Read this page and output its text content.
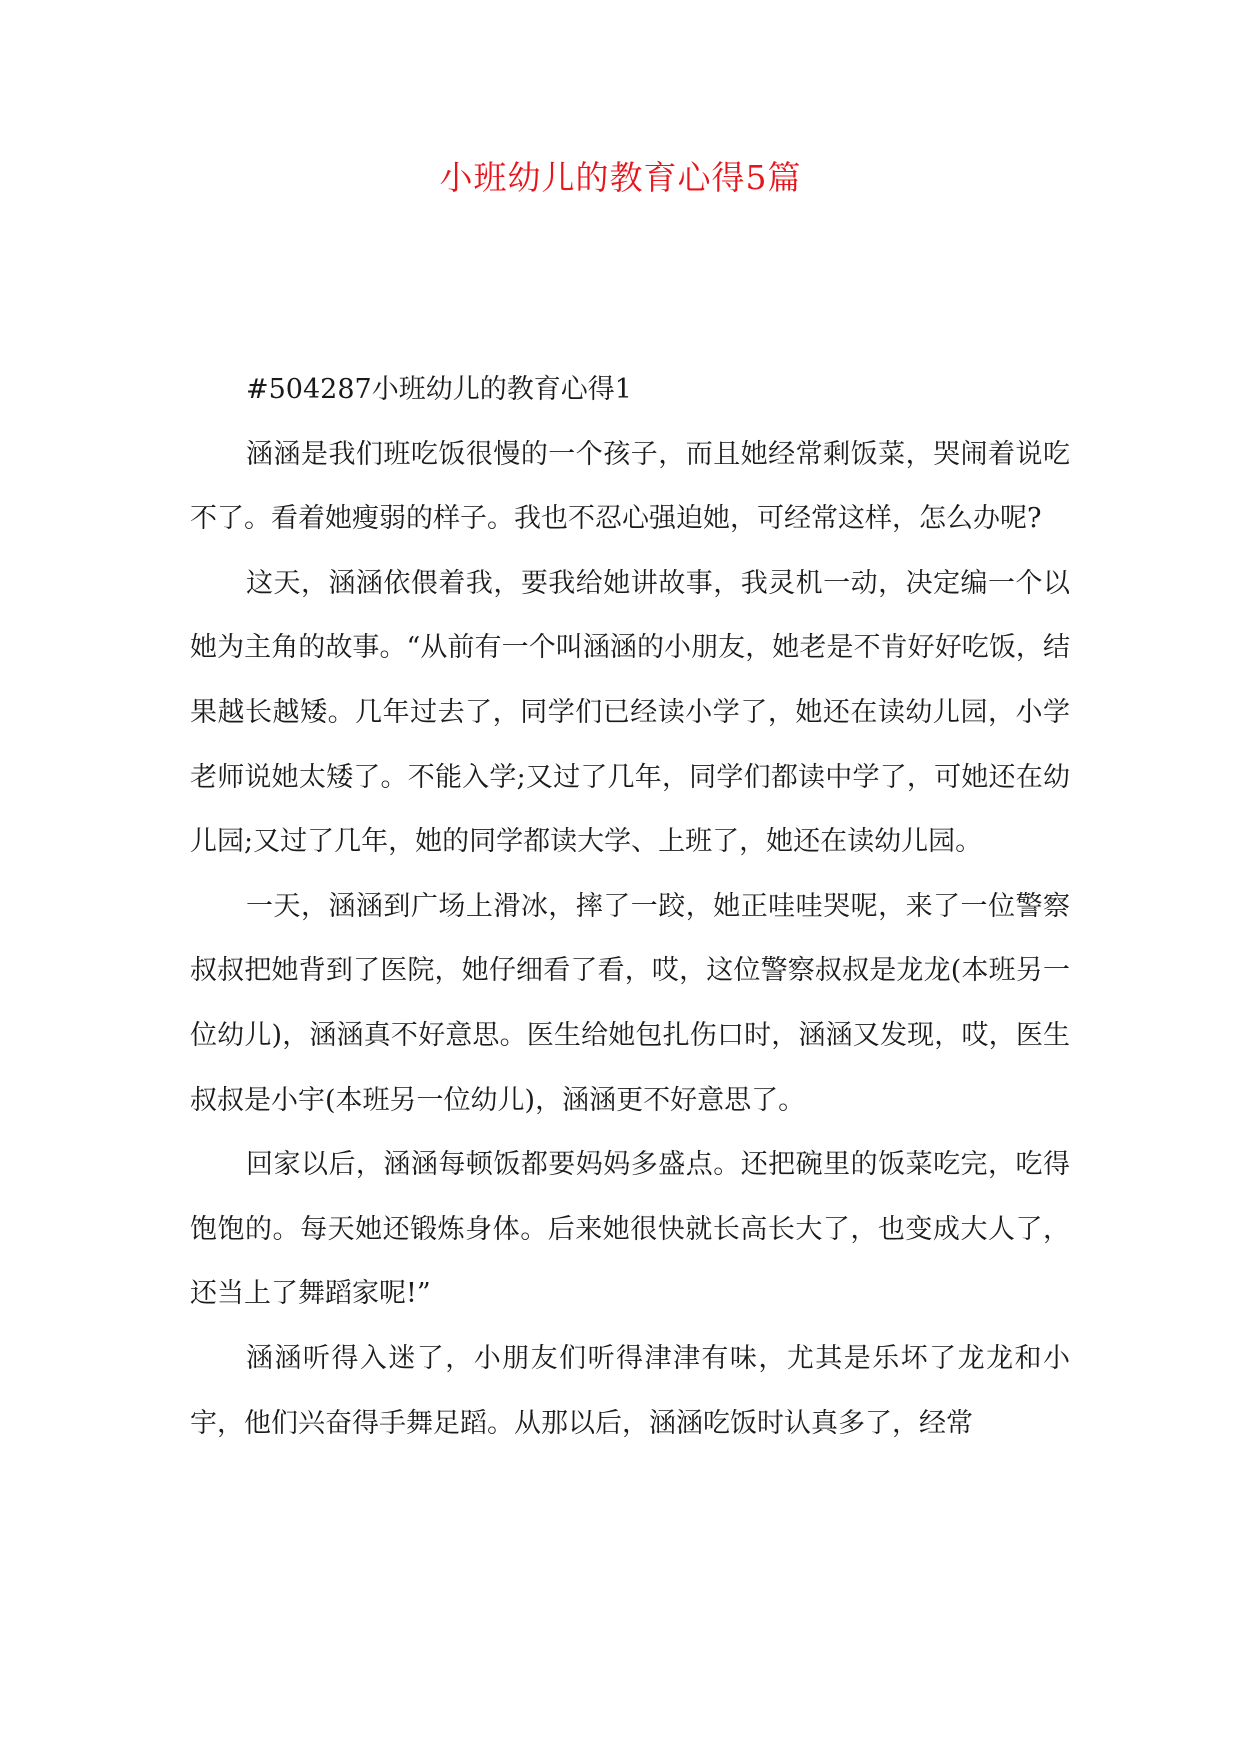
小班幼儿的教育心得5篇

#504287小班幼儿的教育心得1

涵涵是我们班吃饭很慢的一个孩子，而且她经常剩饭菜，哭闹着说吃不了。看着她瘦弱的样子。我也不忍心强迫她，可经常这样，怎么办呢?

这天，涵涵依偎着我，要我给她讲故事，我灵机一动，决定编一个以她为主角的故事。“从前有一个叫涵涵的小朋友，她老是不肯好好吃饭，结果越长越矮。几年过去了，同学们已经读小学了，她还在读幼儿园，小学老师说她太矮了。不能入学;又过了几年，同学们都读中学了，可她还在幼儿园;又过了几年，她的同学都读大学、上班了，她还在读幼儿园。

一天，涵涵到广场上滑冰，摔了一跤，她正哇哇哭呢，来了一位警察叔叔把她背到了医院，她仔细看了看，哎，这位警察叔叔是龙龙(本班另一位幼儿)，涵涵真不好意思。医生给她包扎伤口时，涵涵又发现，哎，医生叔叔是小宇(本班另一位幼儿)，涵涵更不好意思了。

回家以后，涵涵每顿饭都要妈妈多盛点。还把碗里的饭菜吃完，吃得饱饱的。每天她还锻炼身体。后来她很快就长高长大了，也变成大人了，还当上了舞蹈家呢!”

涵涵听得入迷了，小朋友们听得津津有味，尤其是乐坏了龙龙和小宇，他们兴奋得手舞足蹈。从那以后，涵涵吃饭时认真多了，经常
